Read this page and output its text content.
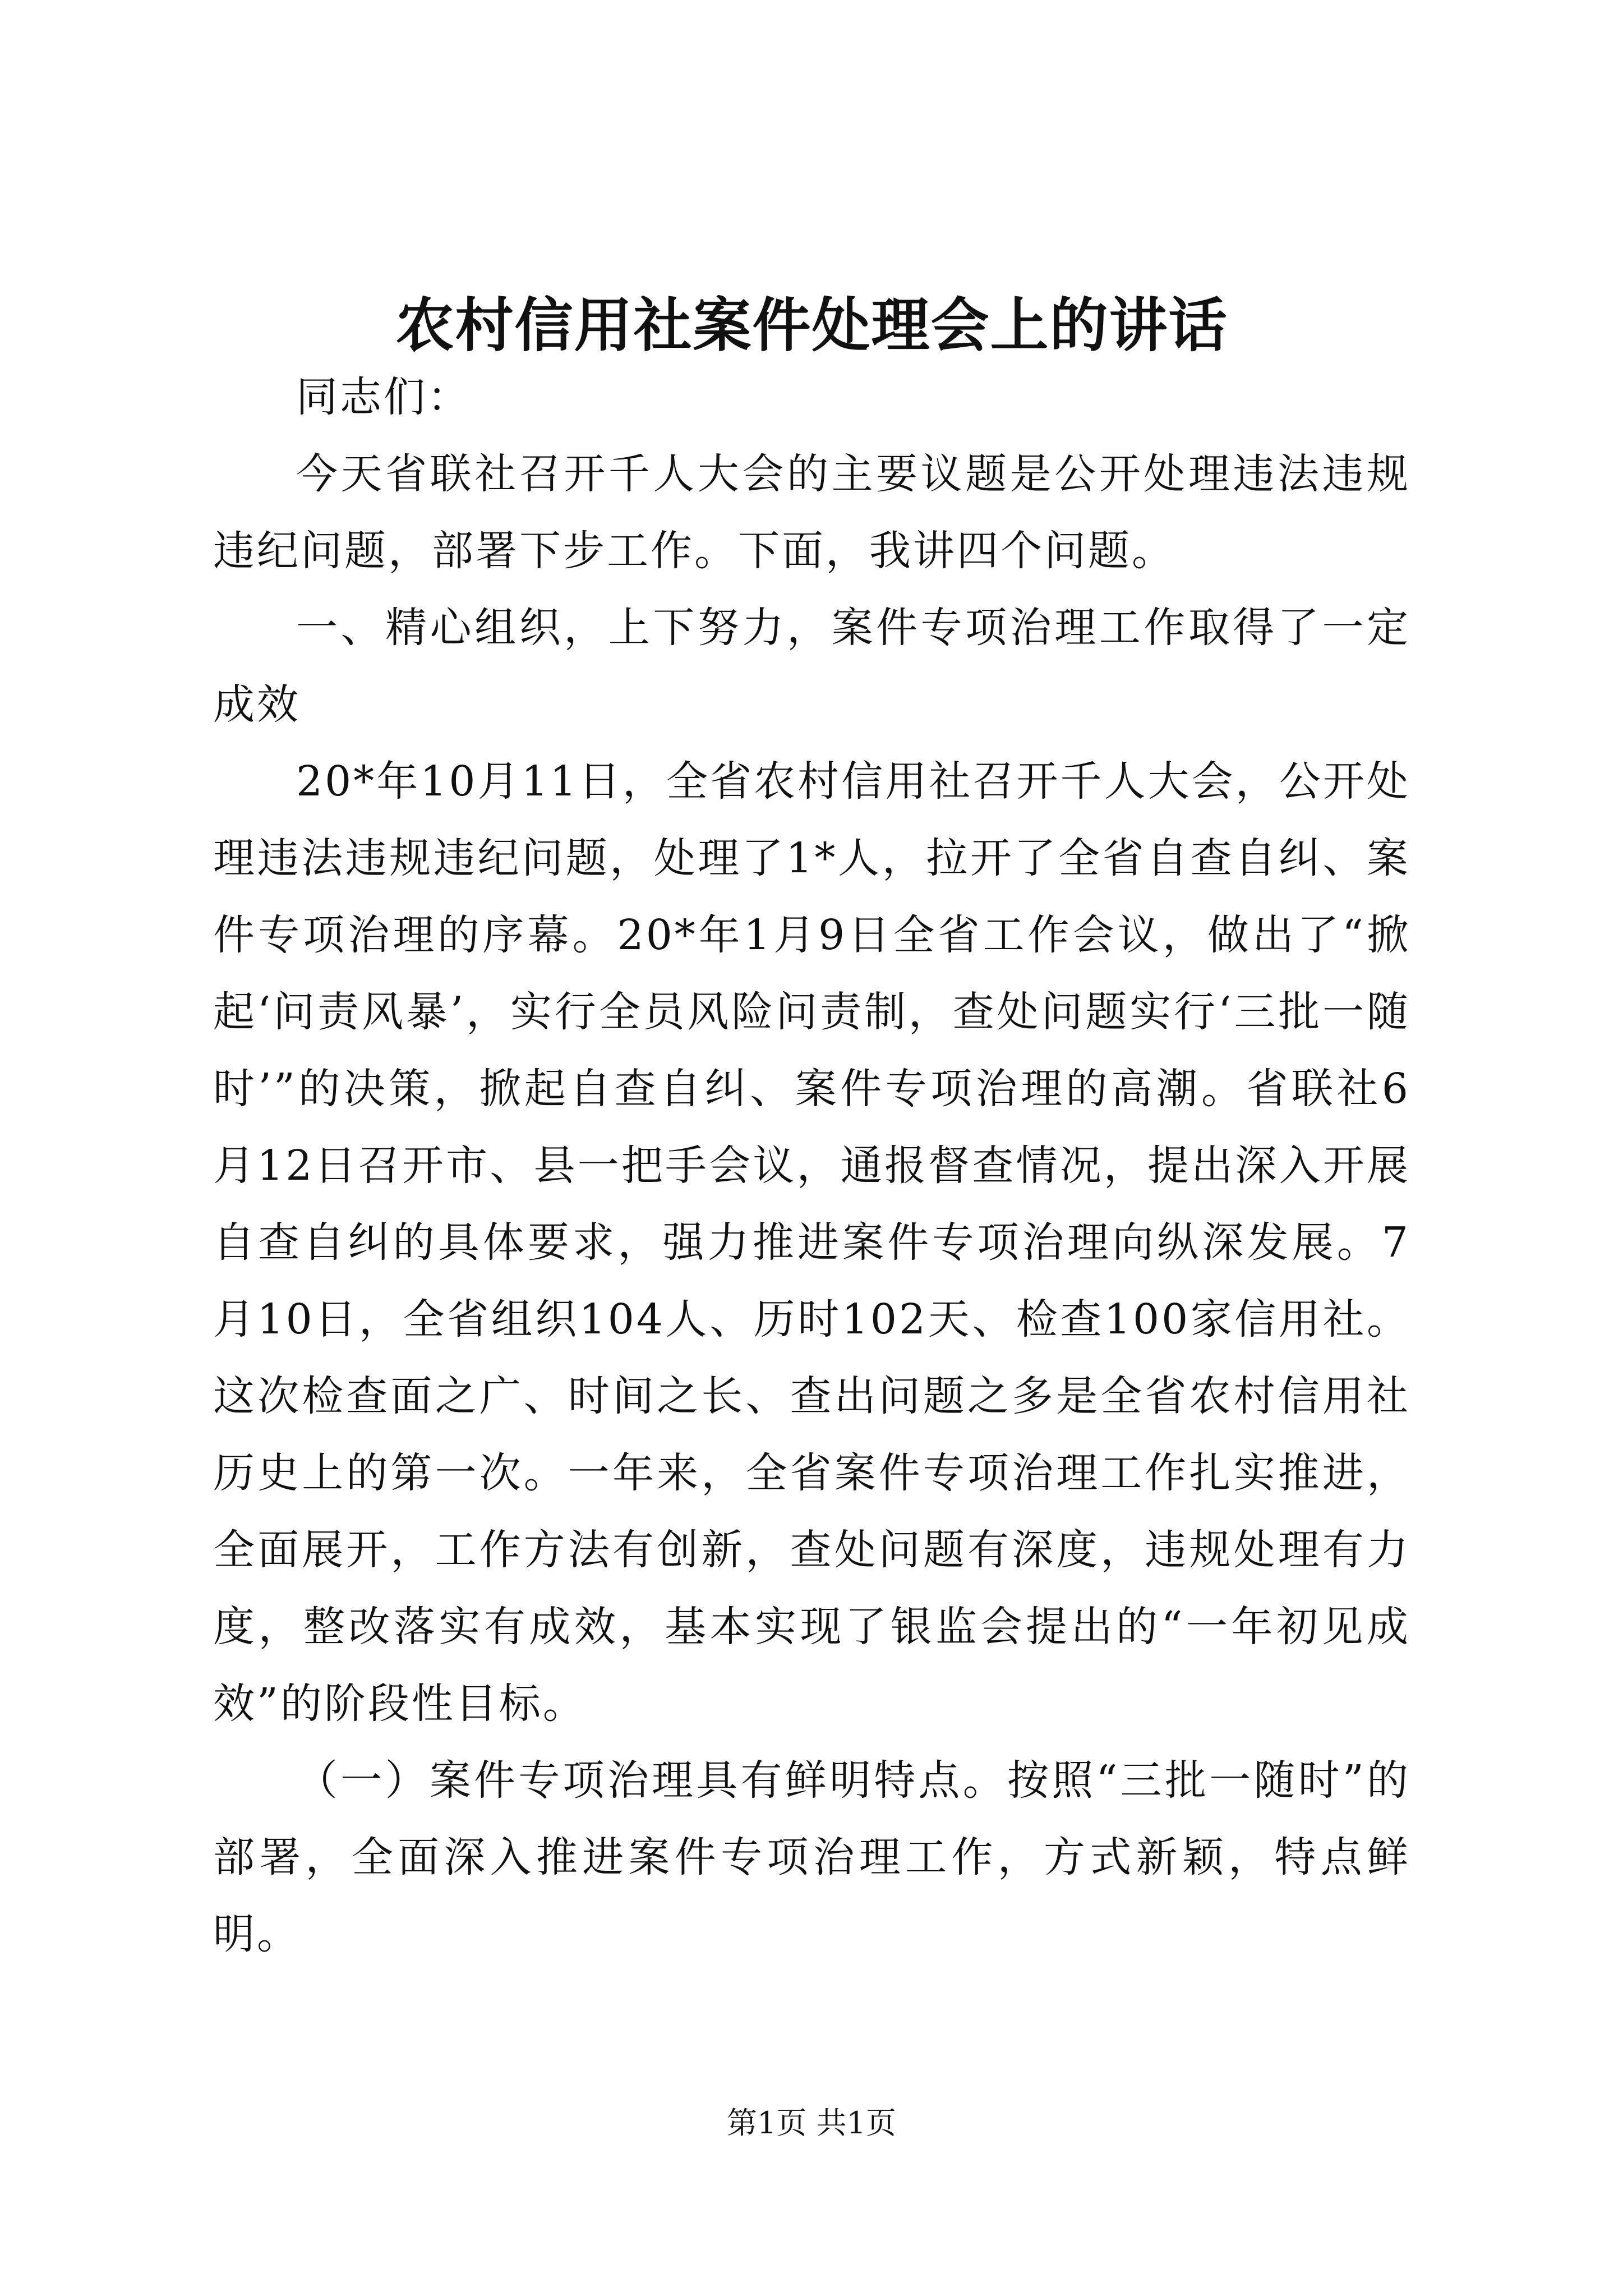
农村信用社案件处理会上的讲话

同志们：

今天省联社召开千人大会的主要议题是公开处理违法违规违纪问题，部署下步工作。下面，我讲四个问题。

一、精心组织，上下努力，案件专项治理工作取得了一定成效

20*年10月11日，全省农村信用社召开千人大会，公开处理违法违规违纪问题，处理了1*人，拉开了全省自查自纠、案件专项治理的序幕。20*年1月9日全省工作会议，做出了“掀起‘问责风暴’，实行全员风险问责制，查处问题实行‘三批一随时’”的决策，掀起自查自纠、案件专项治理的高潮。省联社6月12日召开市、县一把手会议，通报督查情况，提出深入开展自查自纠的具体要求，强力推进案件专项治理向纵深发展。7月10日，全省组织104人、历时102天、检查100家信用社。这次检查面之广、时间之长、查出问题之多是全省农村信用社历史上的第一次。一年来，全省案件专项治理工作扎实推进，全面展开，工作方法有创新，查处问题有深度，违规处理有力度，整改落实有成效，基本实现了银监会提出的“一年初见成效”的阶段性目标。

（一）案件专项治理具有鲜明特点。按照“三批一随时”的部署，全面深入推进案件专项治理工作，方式新颖，特点鲜明。

第1页 共1页
